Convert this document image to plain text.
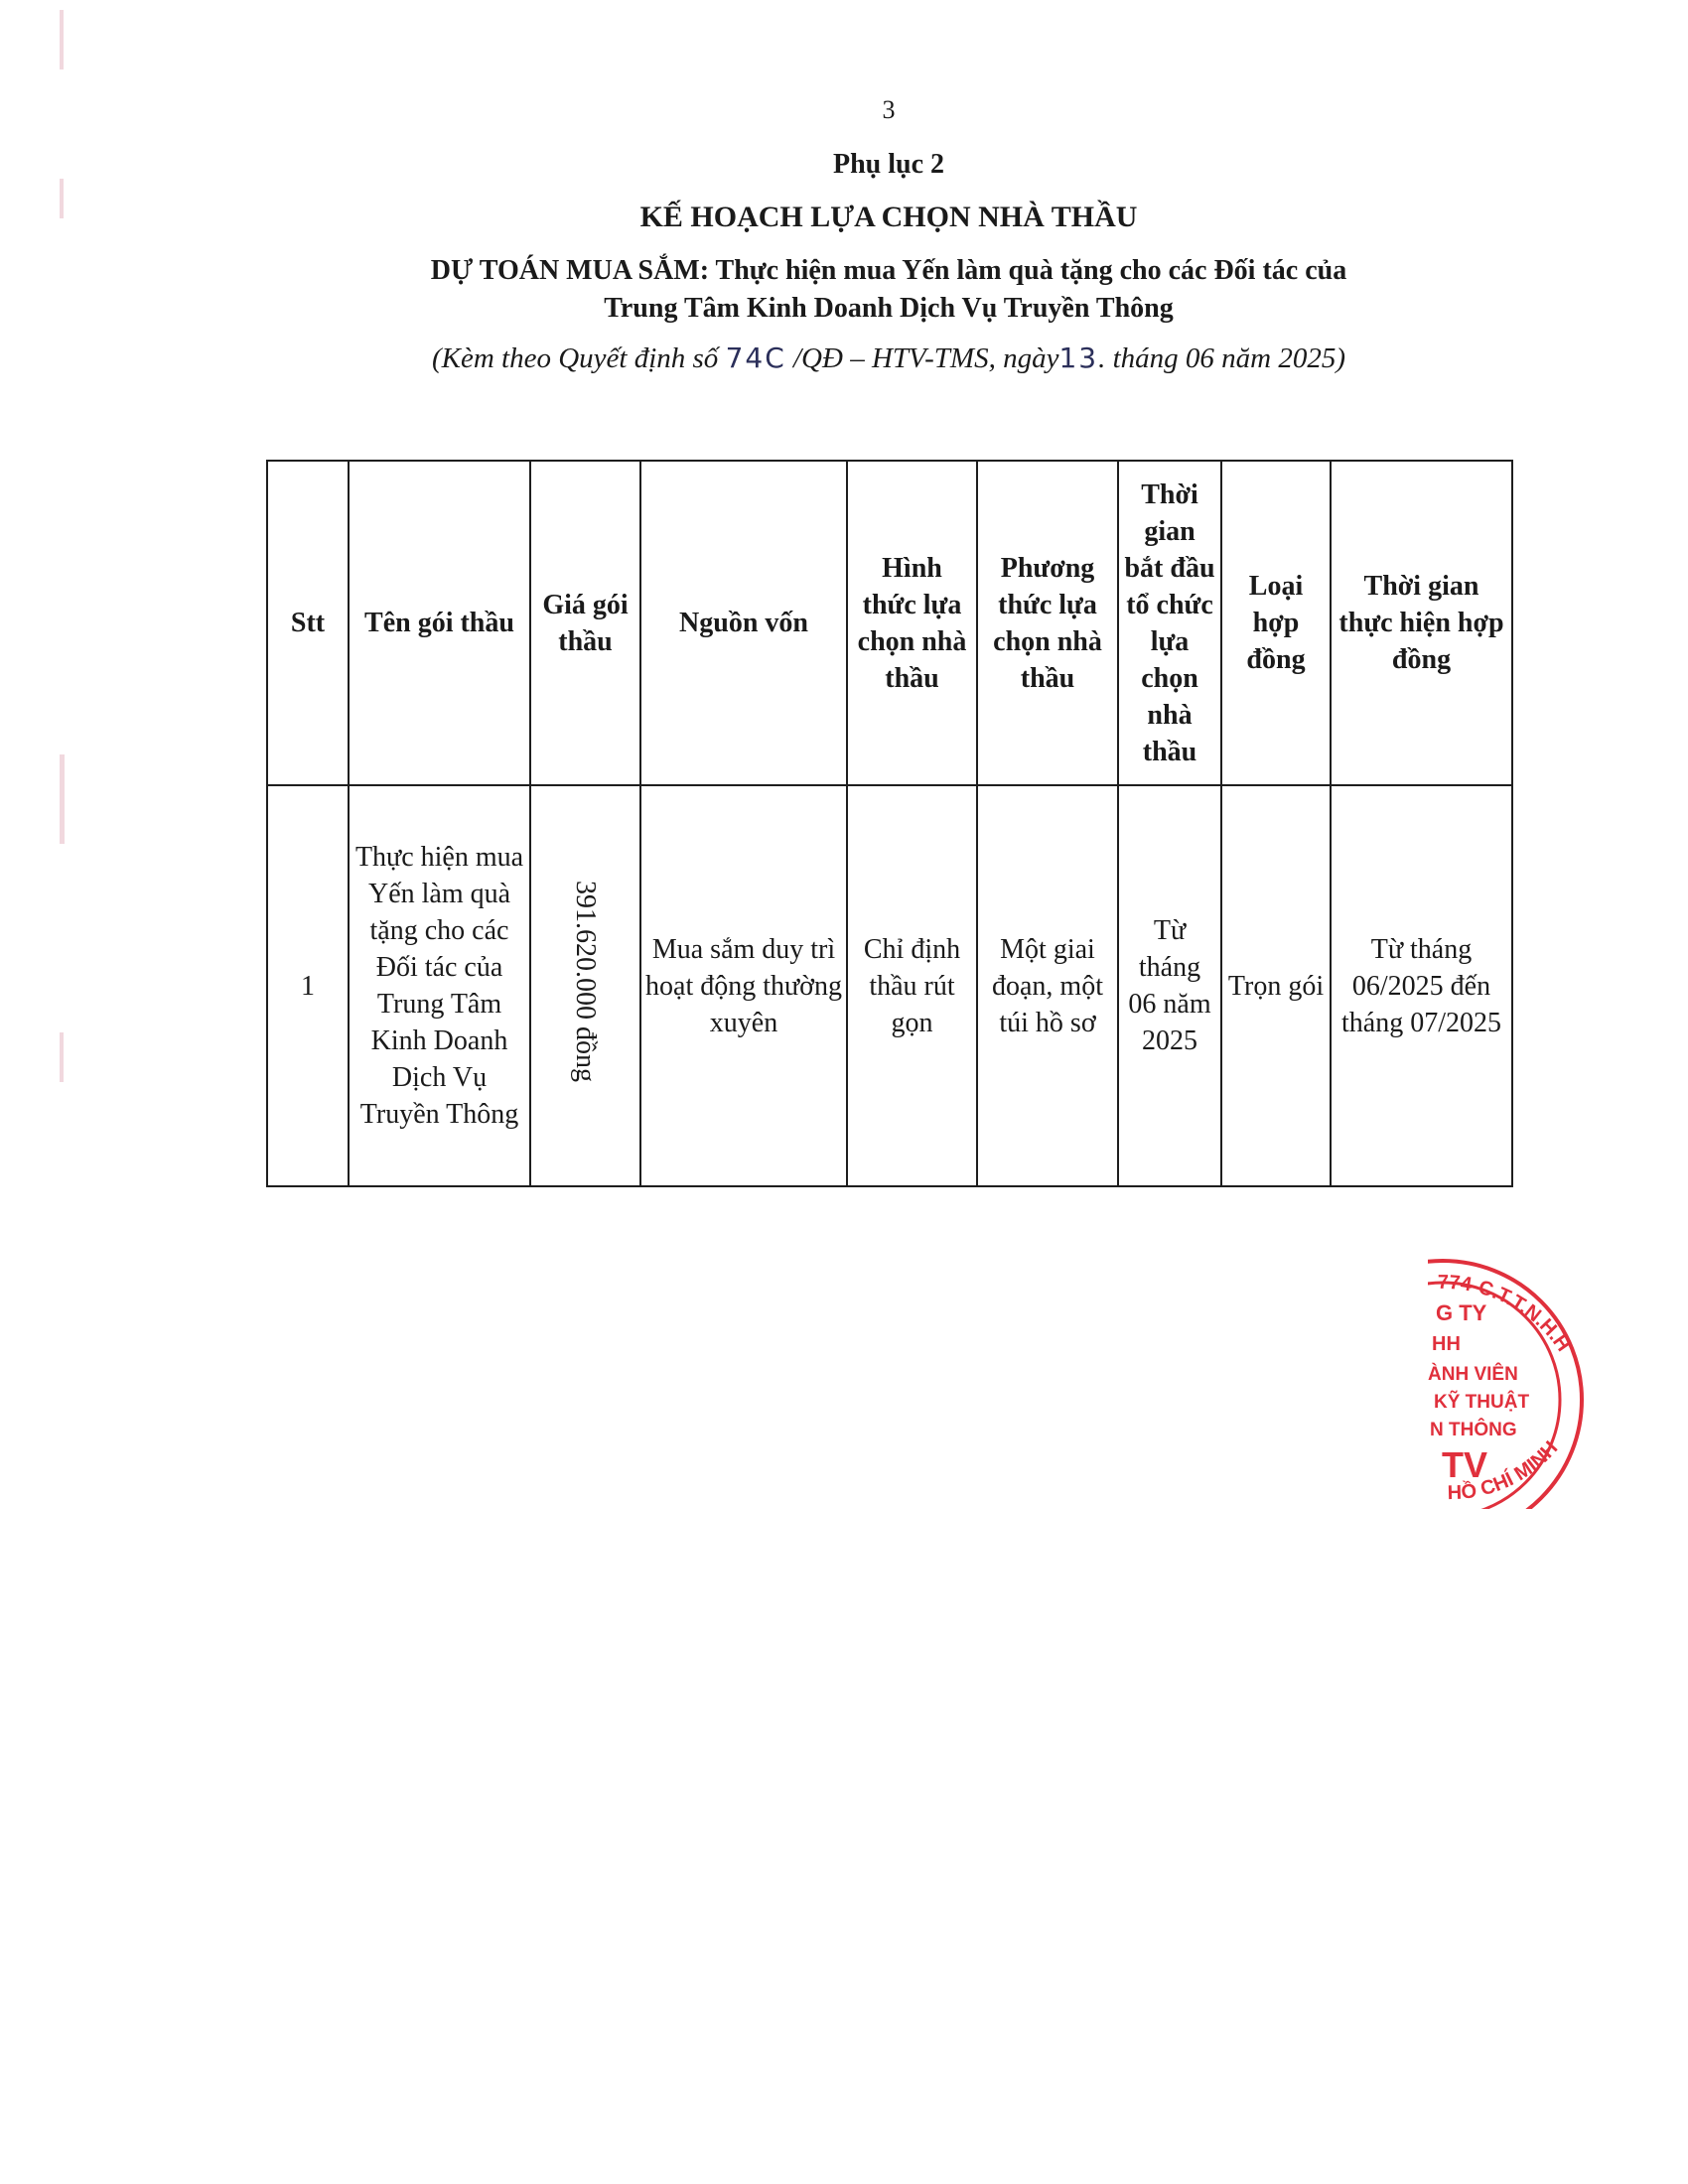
3
Phụ lục 2
KẾ HOẠCH LỰA CHỌN NHÀ THẦU
DỰ TOÁN MUA SẮM: Thực hiện mua Yến làm quà tặng cho các Đối tác của
Trung Tâm Kinh Doanh Dịch Vụ Truyền Thông
(Kèm theo Quyết định số 74C /QĐ – HTV-TMS, ngày13. tháng 06 năm 2025)
Stt	Tên gói thầu	Giá gói thầu	Nguồn vốn	Hình thức lựa chọn nhà thầu	Phương thức lựa chọn nhà thầu	Thời gian bắt đầu tổ chức lựa chọn nhà thầu	Loại hợp đồng	Thời gian thực hiện hợp đồng
1	Thực hiện mua Yến làm quà tặng cho các Đối tác của Trung Tâm Kinh Doanh Dịch Vụ Truyền Thông	391.620.000 đồng	Mua sắm duy trì hoạt động thường xuyên	Chỉ định thầu rút gọn	Một giai đoạn, một túi hồ sơ	Từ tháng 06 năm 2025	Trọn gói	Từ tháng 06/2025 đến tháng 07/2025
774-C.T.T.N.H.H
HỒ CHÍ MINH
G TY
HH
ÀNH VIÊN
KỸ THUẬT
N THÔNG
TV
